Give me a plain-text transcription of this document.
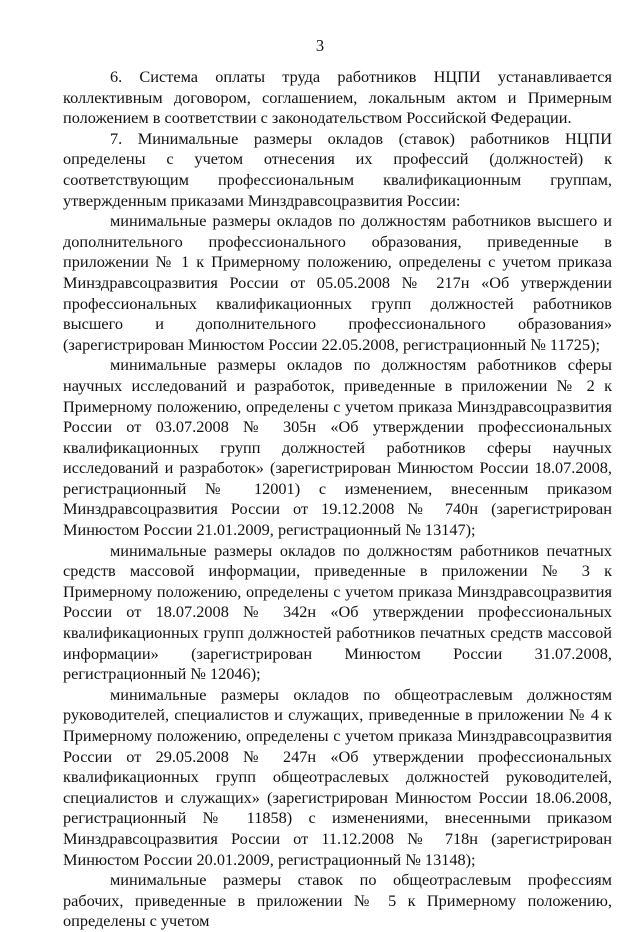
3

6. Система оплаты труда работников НЦПИ устанавливается коллективным договором, соглашением, локальным актом и Примерным положением в соответствии с законодательством Российской Федерации.

7. Минимальные размеры окладов (ставок) работников НЦПИ определены с учетом отнесения их профессий (должностей) к соответствующим профессиональным квалификационным группам, утвержденным приказами Минздравсоцразвития России:

минимальные размеры окладов по должностям работников высшего и дополнительного профессионального образования, приведенные в приложении № 1 к Примерному положению, определены с учетом приказа Минздравсоцразвития России от 05.05.2008 № 217н «Об утверждении профессиональных квалификационных групп должностей работников высшего и дополнительного профессионального образования» (зарегистрирован Минюстом России 22.05.2008, регистрационный № 11725);

минимальные размеры окладов по должностям работников сферы научных исследований и разработок, приведенные в приложении № 2 к Примерному положению, определены с учетом приказа Минздравсоцразвития России от 03.07.2008 № 305н «Об утверждении профессиональных квалификационных групп должностей работников сферы научных исследований и разработок» (зарегистрирован Минюстом России 18.07.2008, регистрационный № 12001) с изменением, внесенным приказом Минздравсоцразвития России от 19.12.2008 № 740н (зарегистрирован Минюстом России 21.01.2009, регистрационный № 13147);

минимальные размеры окладов по должностям работников печатных средств массовой информации, приведенные в приложении № 3 к Примерному положению, определены с учетом приказа Минздравсоцразвития России от 18.07.2008 № 342н «Об утверждении профессиональных квалификационных групп должностей работников печатных средств массовой информации» (зарегистрирован Минюстом России 31.07.2008, регистрационный № 12046);

минимальные размеры окладов по общеотраслевым должностям руководителей, специалистов и служащих, приведенные в приложении № 4 к Примерному положению, определены с учетом приказа Минздравсоцразвития России от 29.05.2008 № 247н «Об утверждении профессиональных квалификационных групп общеотраслевых должностей руководителей, специалистов и служащих» (зарегистрирован Минюстом России 18.06.2008, регистрационный № 11858) с изменениями, внесенными приказом Минздравсоцразвития России от 11.12.2008 № 718н (зарегистрирован Минюстом России 20.01.2009, регистрационный № 13148);

минимальные размеры ставок по общеотраслевым профессиям рабочих, приведенные в приложении № 5 к Примерному положению, определены с учетом
